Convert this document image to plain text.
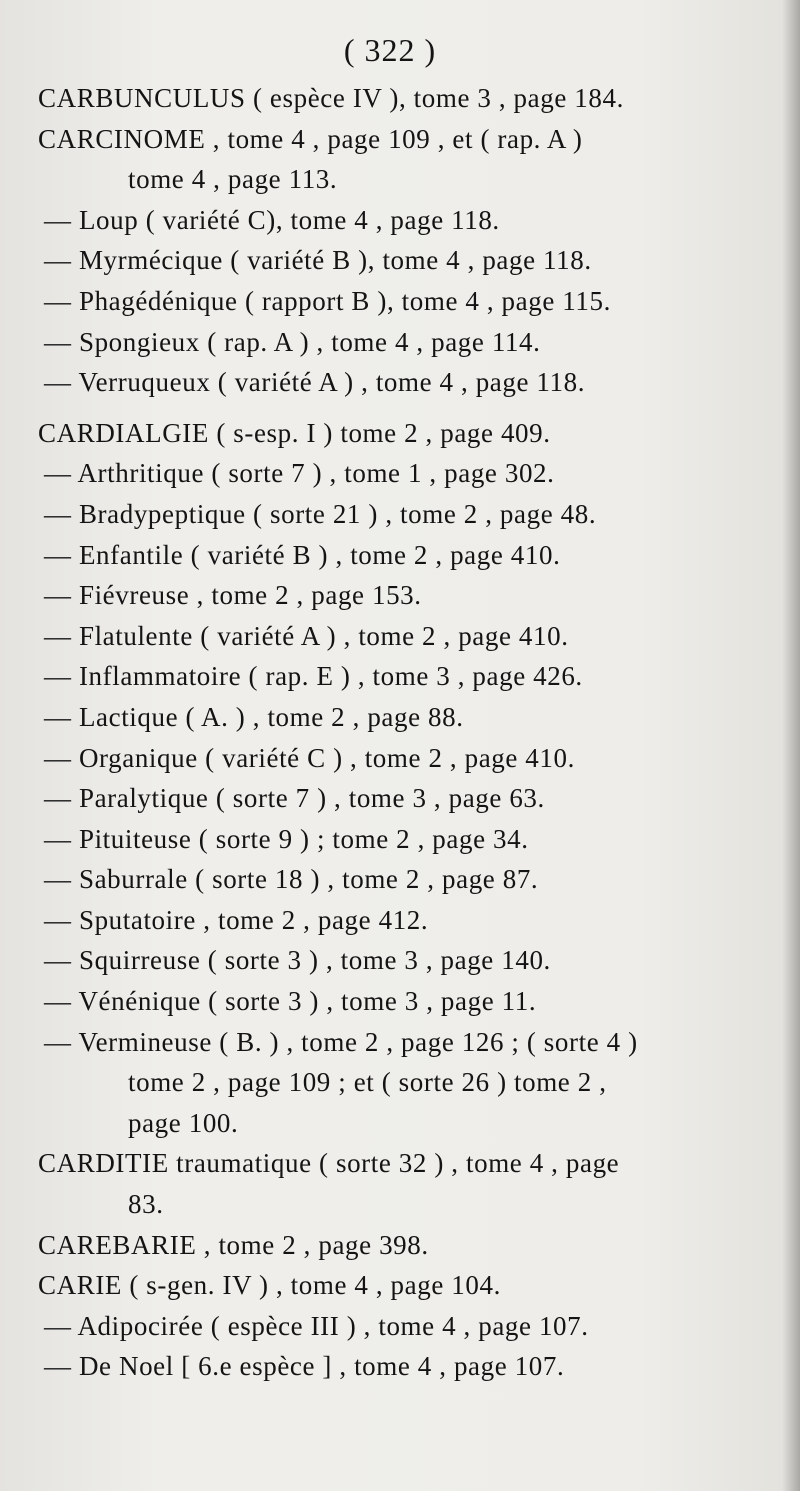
( 322 )
CARBUNCULUS ( espèce IV ), tome 3 , page 184.
CARCINOME , tome 4 , page 109 , et ( rap. A )
tome 4 , page 113.
— Loup ( variété C), tome 4 , page 118.
— Myrmécique ( variété B ), tome 4 , page 118.
— Phagédénique ( rapport B ), tome 4 , page 115.
— Spongieux ( rap. A ) , tome 4 , page 114.
— Verruqueux ( variété A ) , tome 4 , page 118.
CARDIALGIE ( s-esp. I ) tome 2 , page 409.
— Arthritique ( sorte 7 ) , tome 1 , page 302.
— Bradypeptique ( sorte 21 ) , tome 2 , page 48.
— Enfantile ( variété B ) , tome 2 , page 410.
— Fiévreuse , tome 2 , page 153.
— Flatulente ( variété A ) , tome 2 , page 410.
— Inflammatoire ( rap. E ) , tome 3 , page 426.
— Lactique ( A. ) , tome 2 , page 88.
— Organique ( variété C ) , tome 2 , page 410.
— Paralytique ( sorte 7 ) , tome 3 , page 63.
— Pituiteuse ( sorte 9 ) ; tome 2 , page 34.
— Saburrale ( sorte 18 ) , tome 2 , page 87.
— Sputatoire , tome 2 , page 412.
— Squirreuse ( sorte 3 ) , tome 3 , page 140.
— Vénénique ( sorte 3 ) , tome 3 , page 11.
— Vermineuse ( B. ) , tome 2 , page 126 ; ( sorte 4 )
tome 2 , page 109 ; et ( sorte 26 ) tome 2 ,
page 100.
CARDITIE traumatique ( sorte 32 ) , tome 4 , page
83.
CAREBARIE , tome 2 , page 398.
CARIE ( s-gen. IV ) , tome 4 , page 104.
— Adipocirée ( espèce III ) , tome 4 , page 107.
— De Noel [ 6.e espèce ] , tome 4 , page 107.
